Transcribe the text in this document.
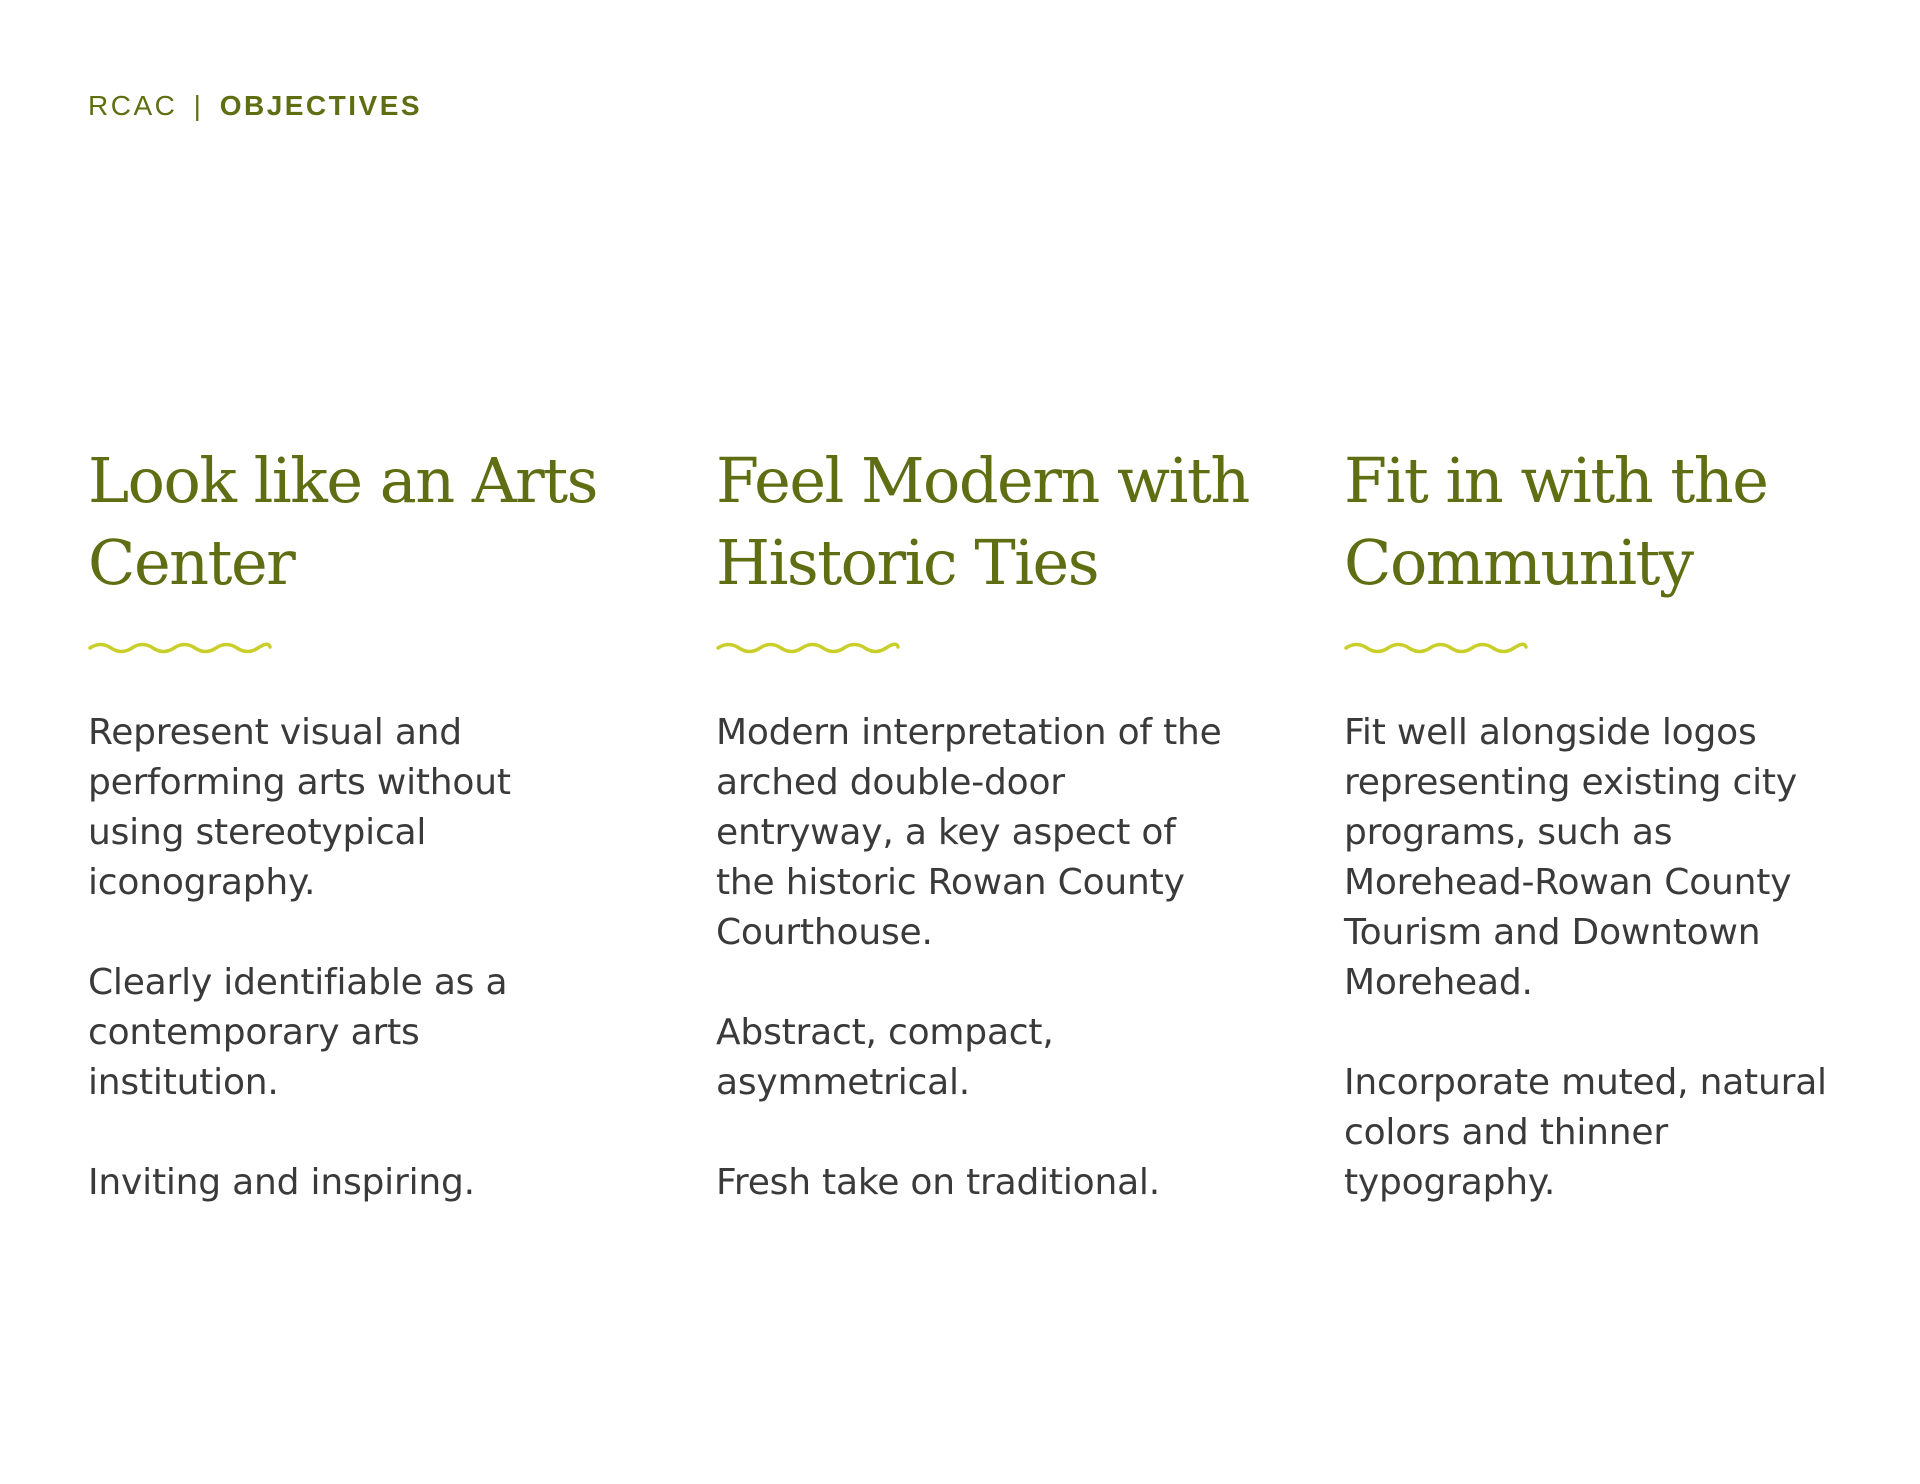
RCAC | OBJECTIVES
Look like an Arts
Center

Represent visual and performing arts without using stereotypical iconography.

Clearly identifiable as a contemporary arts institution.

Inviting and inspiring.

Feel Modern with
Historic Ties

Modern interpretation of the arched double-door entryway, a key aspect of the historic Rowan County Courthouse.

Abstract, compact, asymmetrical.

Fresh take on traditional.

Fit in with the
Community

Fit well alongside logos representing existing city programs, such as Morehead-Rowan County Tourism and Downtown Morehead.

Incorporate muted, natural colors and thinner typography.
